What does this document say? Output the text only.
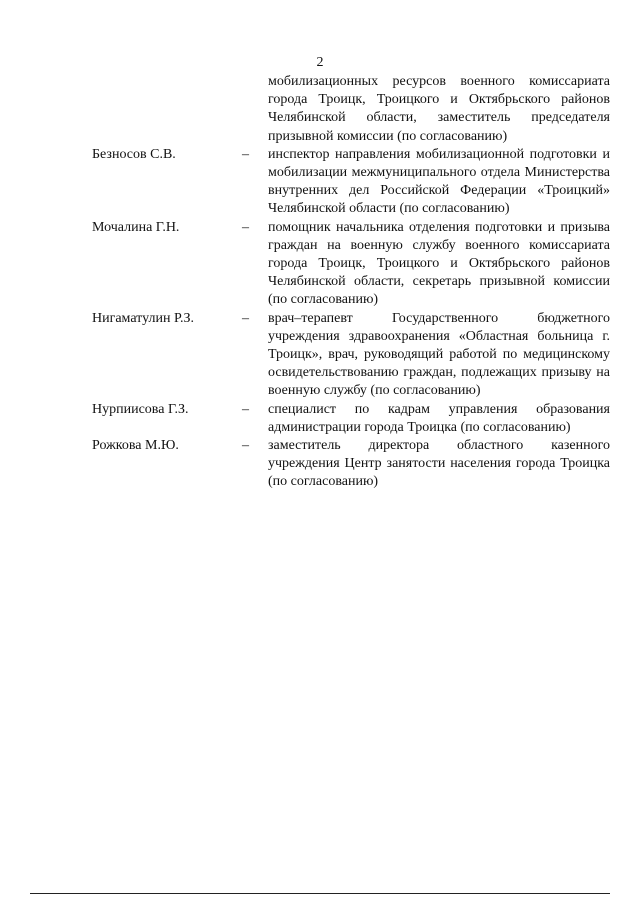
2
мобилизационных ресурсов военного комиссариата города Троицк, Троицкого и Октябрьского районов Челябинской области, заместитель председателя призывной комиссии (по согласованию)
Безносов С.В.	–	инспектор направления мобилизационной подготовки и мобилизации межмуниципального отдела Министерства внутренних дел Российской Федерации «Троицкий» Челябинской области (по согласованию)
Мочалина Г.Н.	–	помощник начальника отделения подготовки и призыва граждан на военную службу военного комиссариата города Троицк, Троицкого и Октябрьского районов Челябинской области, секретарь призывной комиссии (по согласованию)
Нигаматулин Р.З.	–	врач–терапевт Государственного бюджетного учреждения здравоохранения «Областная больница г. Троицк», врач, руководящий работой по медицинскому освидетельствованию граждан, подлежащих призыву на военную службу (по согласованию)
Нурпиисова Г.З.	–	специалист по кадрам управления образования администрации города Троицка (по согласованию)
Рожкова М.Ю.	–	заместитель директора областного казенного учреждения Центр занятости населения города Троицка (по согласованию)
